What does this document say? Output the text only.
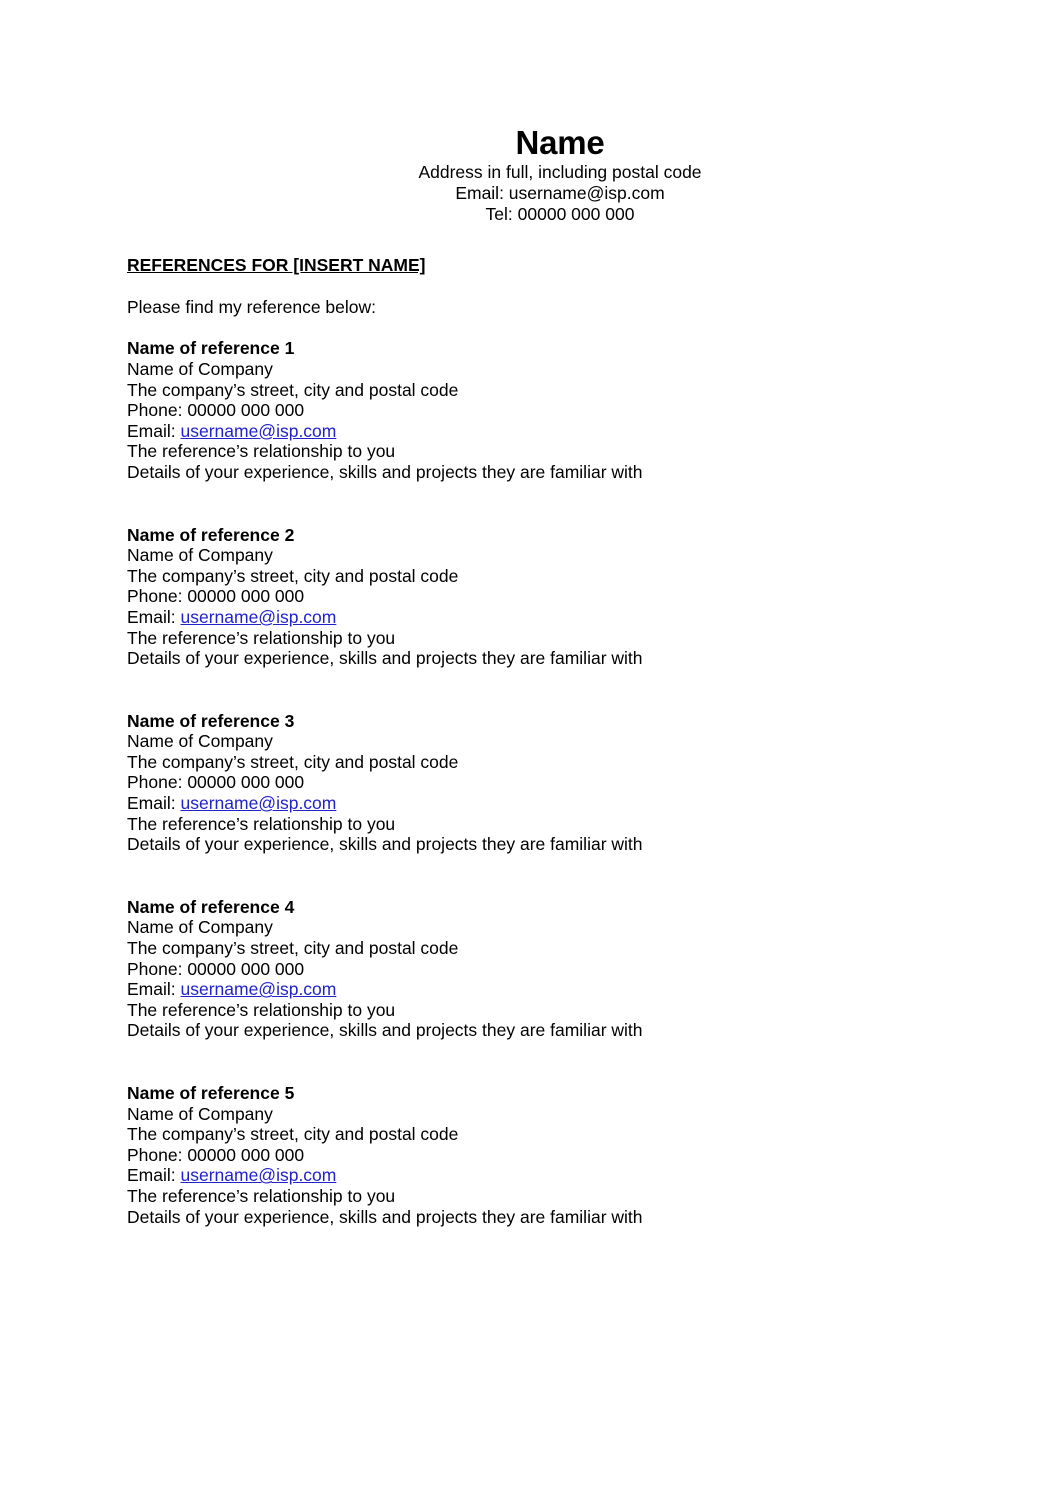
Name
Address in full, including postal code
Email: username@isp.com
Tel: 00000 000 000
REFERENCES FOR [INSERT NAME]
Please find my reference below:
Name of reference 1
Name of Company
The company’s street, city and postal code
Phone: 00000 000 000
Email: username@isp.com
The reference’s relationship to you
Details of your experience, skills and projects they are familiar with
Name of reference 2
Name of Company
The company’s street, city and postal code
Phone: 00000 000 000
Email: username@isp.com
The reference’s relationship to you
Details of your experience, skills and projects they are familiar with
Name of reference 3
Name of Company
The company’s street, city and postal code
Phone: 00000 000 000
Email: username@isp.com
The reference’s relationship to you
Details of your experience, skills and projects they are familiar with
Name of reference 4
Name of Company
The company’s street, city and postal code
Phone: 00000 000 000
Email: username@isp.com
The reference’s relationship to you
Details of your experience, skills and projects they are familiar with
Name of reference 5
Name of Company
The company’s street, city and postal code
Phone: 00000 000 000
Email: username@isp.com
The reference’s relationship to you
Details of your experience, skills and projects they are familiar with
